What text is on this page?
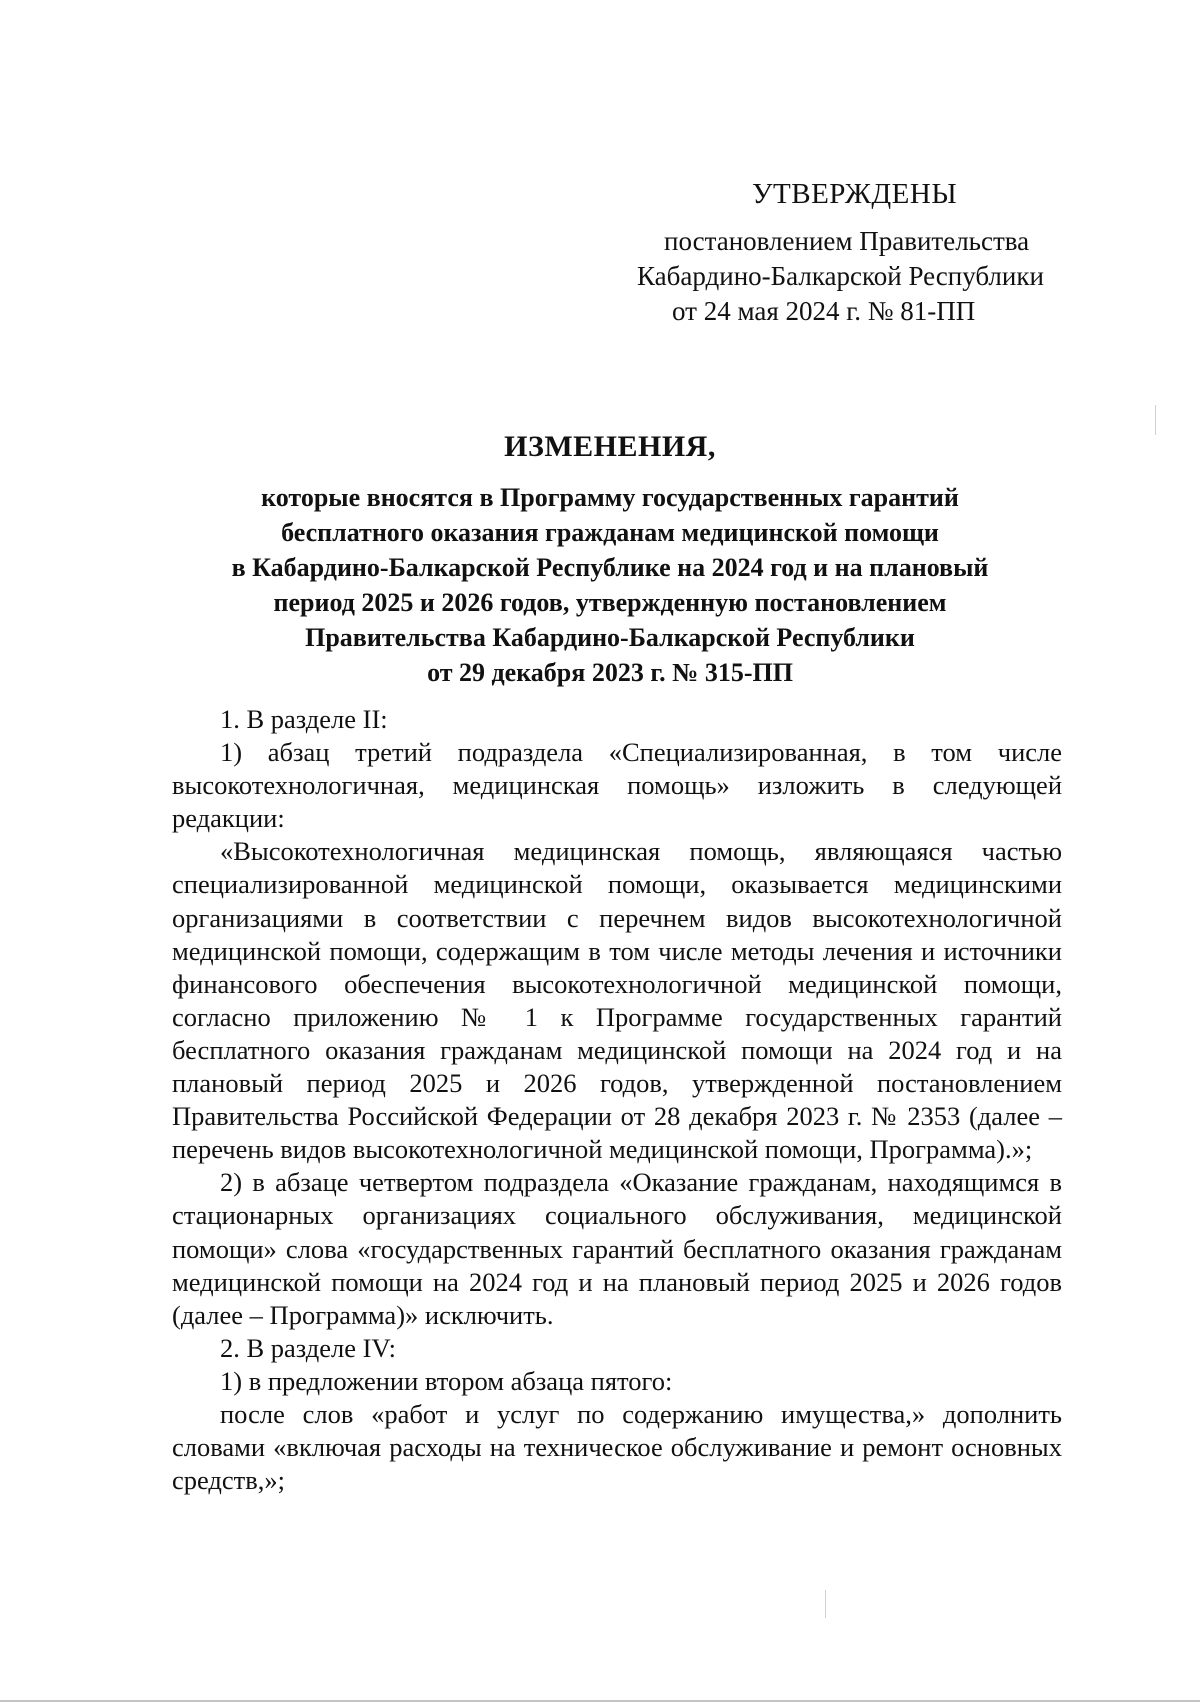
УТВЕРЖДЕНЫ
постановлением Правительства
Кабардино-Балкарской Республики
от 24 мая 2024 г. № 81-ПП
ИЗМЕНЕНИЯ,
которые вносятся в Программу государственных гарантий
бесплатного оказания гражданам медицинской помощи
в Кабардино-Балкарской Республике на 2024 год и на плановый
период 2025 и 2026 годов, утвержденную постановлением
Правительства Кабардино-Балкарской Республики
от 29 декабря 2023 г. № 315-ПП

1. В разделе II:

1) абзац третий подраздела «Специализированная, в том числе высокотехнологичная, медицинская помощь» изложить в следующей редакции:

«Высокотехнологичная медицинская помощь, являющаяся частью специализированной медицинской помощи, оказывается медицинскими организациями в соответствии с перечнем видов высокотехнологичной медицинской помощи, содержащим в том числе методы лечения и источники финансового обеспечения высокотехнологичной медицинской помощи, согласно приложению № 1 к Программе государственных гарантий бесплатного оказания гражданам медицинской помощи на 2024 год и на плановый период 2025 и 2026 годов, утвержденной постановлением Правительства Российской Федерации от 28 декабря 2023 г. № 2353 (далее – перечень видов высокотехнологичной медицинской помощи, Программа).»;

2) в абзаце четвертом подраздела «Оказание гражданам, находящимся в стационарных организациях социального обслуживания, медицинской помощи» слова «государственных гарантий бесплатного оказания гражданам медицинской помощи на 2024 год и на плановый период 2025 и 2026 годов (далее – Программа)» исключить.

2. В разделе IV:

1) в предложении втором абзаца пятого:

после слов «работ и услуг по содержанию имущества,» дополнить словами «включая расходы на техническое обслуживание и ремонт основных средств,»;
